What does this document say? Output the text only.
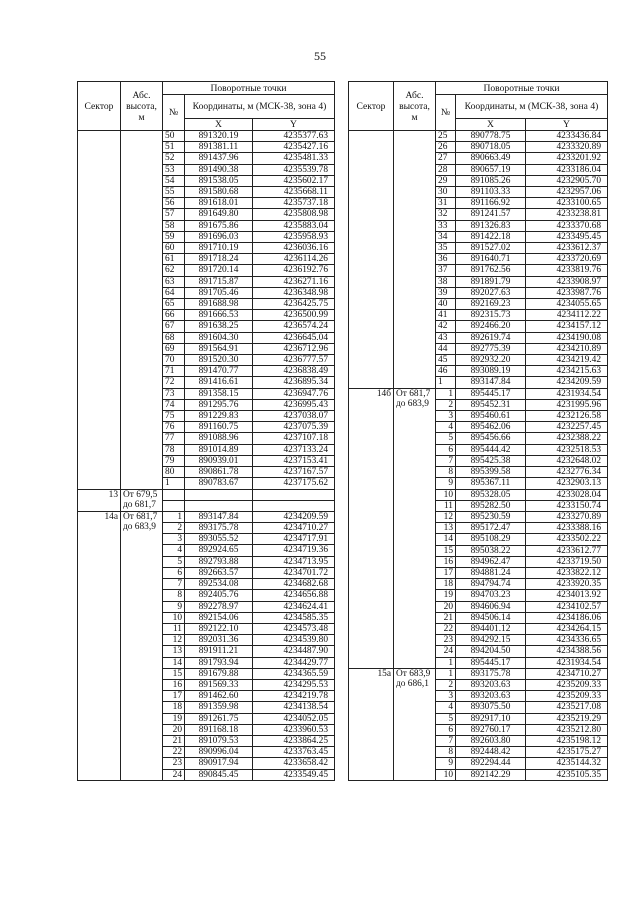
55
Сектор	Абс. высота, м	Поворотные точки		
		№	Координаты, м (МСК-38, зона 4)	
			X	Y
		50	891320.19	4235377.63
		51	891381.11	4235427.16
		52	891437.96	4235481.33
		53	891490.38	4235539.78
		54	891538.05	4235602.17
		55	891580.68	4235668.11
		56	891618.01	4235737.18
		57	891649.80	4235808.98
		58	891675.86	4235883.04
		59	891696.03	4235958.93
		60	891710.19	4236036.16
		61	891718.24	4236114.26
		62	891720.14	4236192.76
		63	891715.87	4236271.16
		64	891705.46	4236348.98
		65	891688.98	4236425.75
		66	891666.53	4236500.99
		67	891638.25	4236574.24
		68	891604.30	4236645.04
		69	891564.91	4236712.96
		70	891520.30	4236777.57
		71	891470.77	4236838.49
		72	891416.61	4236895.34
		73	891358.15	4236947.76
		74	891295.76	4236995.43
		75	891229.83	4237038.07
		76	891160.75	4237075.39
		77	891088.96	4237107.18
		78	891014.89	4237133.24
		79	890939.01	4237153.41
		80	890861.78	4237167.57
		1	890783.67	4237175.62
13	От 679,5 до 681,7			

14а	От 681,7 до 683,9	1	893147.84	4234209.59
		2	893175.78	4234710.27
		3	893055.52	4234717.91
		4	892924.65	4234719.36
		5	892793.88	4234713.95
		6	892663.57	4234701.72
		7	892534.08	4234682.68
		8	892405.76	4234656.88
		9	892278.97	4234624.41
		10	892154.06	4234585.35
		11	892122.10	4234573.48
		12	892031.36	4234539.80
		13	891911.21	4234487.90
		14	891793.94	4234429.77
		15	891679.88	4234365.59
		16	891569.33	4234295.53
		17	891462.60	4234219.78
		18	891359.98	4234138.54
		19	891261.75	4234052.05
		20	891168.18	4233960.53
		21	891079.53	4233864.25
		22	890996.04	4233763.45
		23	890917.94	4233658.42
		24	890845.45	4233549.45
Сектор	Абс. высота, м	Поворотные точки		
		№	Координаты, м (МСК-38, зона 4)	
			X	Y
		25	890778.75	4233436.84
		26	890718.05	4233320.89
		27	890663.49	4233201.92
		28	890657.19	4233186.04
		29	891085.26	4232905.70
		30	891103.33	4232957.06
		31	891166.92	4233100.65
		32	891241.57	4233238.81
		33	891326.83	4233370.68
		34	891422.18	4233495.45
		35	891527.02	4233612.37
		36	891640.71	4233720.69
		37	891762.56	4233819.76
		38	891891.79	4233908.97
		39	892027.63	4233987.76
		40	892169.23	4234055.65
		41	892315.73	4234112.22
		42	892466.20	4234157.12
		43	892619.74	4234190.08
		44	892775.39	4234210.89
		45	892932.20	4234219.42
		46	893089.19	4234215.63
		1	893147.84	4234209.59
14б	От 681,7 до 683,9	1	895445.17	4231934.54
		2	895452.31	4231995.96
		3	895460.61	4232126.58
		4	895462.06	4232257.45
		5	895456.66	4232388.22
		6	895444.42	4232518.53
		7	895425.38	4232648.02
		8	895399.58	4232776.34
		9	895367.11	4232903.13
		10	895328.05	4233028.04
		11	895282.50	4233150.74
		12	895230.59	4233270.89
		13	895172.47	4233388.16
		14	895108.29	4233502.22
		15	895038.22	4233612.77
		16	894962.47	4233719.50
		17	894881.24	4233822.12
		18	894794.74	4233920.35
		19	894703.23	4234013.92
		20	894606.94	4234102.57
		21	894506.14	4234186.06
		22	894401.12	4234264.15
		23	894292.15	4234336.65
		24	894204.50	4234388.56
		1	895445.17	4231934.54
15а	От 683,9 до 686,1	1	893175.78	4234710.27
		2	893203.63	4235209.33
		3	893203.63	4235209.33
		4	893075.50	4235217.08
		5	892917.10	4235219.29
		6	892760.17	4235212.80
		7	892603.80	4235198.12
		8	892448.42	4235175.27
		9	892294.44	4235144.32
		10	892142.29	4235105.35
